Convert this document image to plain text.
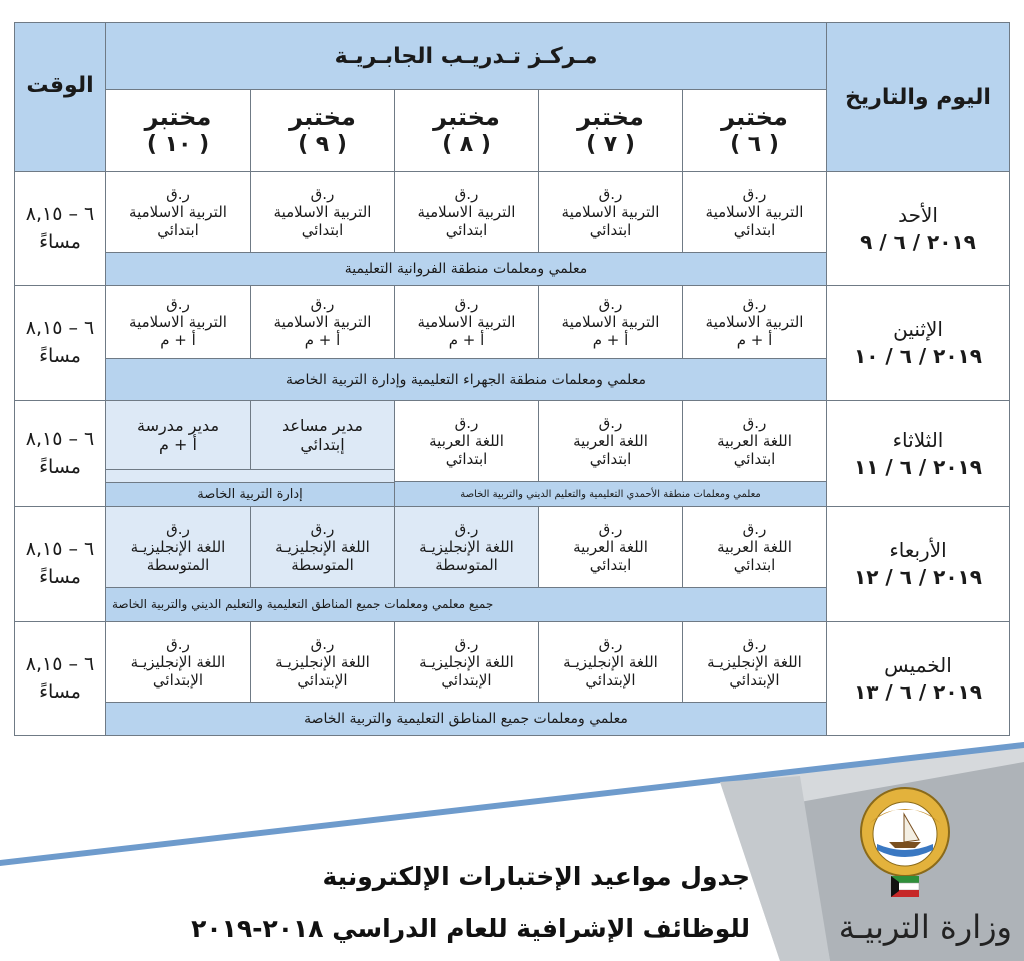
اليوم والتاريخ
مـركـز تـدريـب الجابـريـة
الوقت
مختبر
( ٦ )
مختبر
( ٧ )
مختبر
( ٨ )
مختبر
( ٩ )
مختبر
( ١٠ )
الأحد
٢٠١٩ / ٦ / ٩
٦ – ٨,١٥
مساءً
ر.ق
التربية الاسلامية
ابتدائي
ر.ق
التربية الاسلامية
ابتدائي
ر.ق
التربية الاسلامية
ابتدائي
ر.ق
التربية الاسلامية
ابتدائي
ر.ق
التربية الاسلامية
ابتدائي
معلمي ومعلمات منطقة الفروانية التعليمية
الإثنين
٢٠١٩ / ٦ / ١٠
٦ – ٨,١٥
مساءً
ر.ق
التربية الاسلامية
أ + م
ر.ق
التربية الاسلامية
أ + م
ر.ق
التربية الاسلامية
أ + م
ر.ق
التربية الاسلامية
أ + م
ر.ق
التربية الاسلامية
أ + م
معلمي ومعلمات منطقة الجهراء التعليمية وإدارة التربية الخاصة
الثلاثاء
٢٠١٩ / ٦ / ١١
٦ – ٨,١٥
مساءً
ر.ق
اللغة العربية
ابتدائي
ر.ق
اللغة العربية
ابتدائي
ر.ق
اللغة العربية
ابتدائي
مدير مساعد
إبتدائي
مدير مدرسة
أ + م
معلمي ومعلمات منطقة الأحمدي التعليمية والتعليم الديني والتربية الخاصة
إدارة التربية الخاصة
الأربعاء
٢٠١٩ / ٦ / ١٢
٦ – ٨,١٥
مساءً
ر.ق
اللغة العربية
ابتدائي
ر.ق
اللغة العربية
ابتدائي
ر.ق
اللغة الإنجليزيـة
المتوسطة
ر.ق
اللغة الإنجليزيـة
المتوسطة
ر.ق
اللغة الإنجليزيـة
المتوسطة
جميع معلمي ومعلمات جميع المناطق التعليمية والتعليم الديني والتربية الخاصة
الخميس
٢٠١٩ / ٦ / ١٣
٦ – ٨,١٥
مساءً
ر.ق
اللغة الإنجليزيـة
الإبتدائي
ر.ق
اللغة الإنجليزيـة
الإبتدائي
ر.ق
اللغة الإنجليزيـة
الإبتدائي
ر.ق
اللغة الإنجليزيـة
الإبتدائي
ر.ق
اللغة الإنجليزيـة
الإبتدائي
معلمي ومعلمات جميع المناطق التعليمية والتربية الخاصة
جدول مواعيد الإختبارات الإلكترونية
للوظائف الإشرافية للعام الدراسي ٢٠١٨-٢٠١٩	وزارة التربيـة
